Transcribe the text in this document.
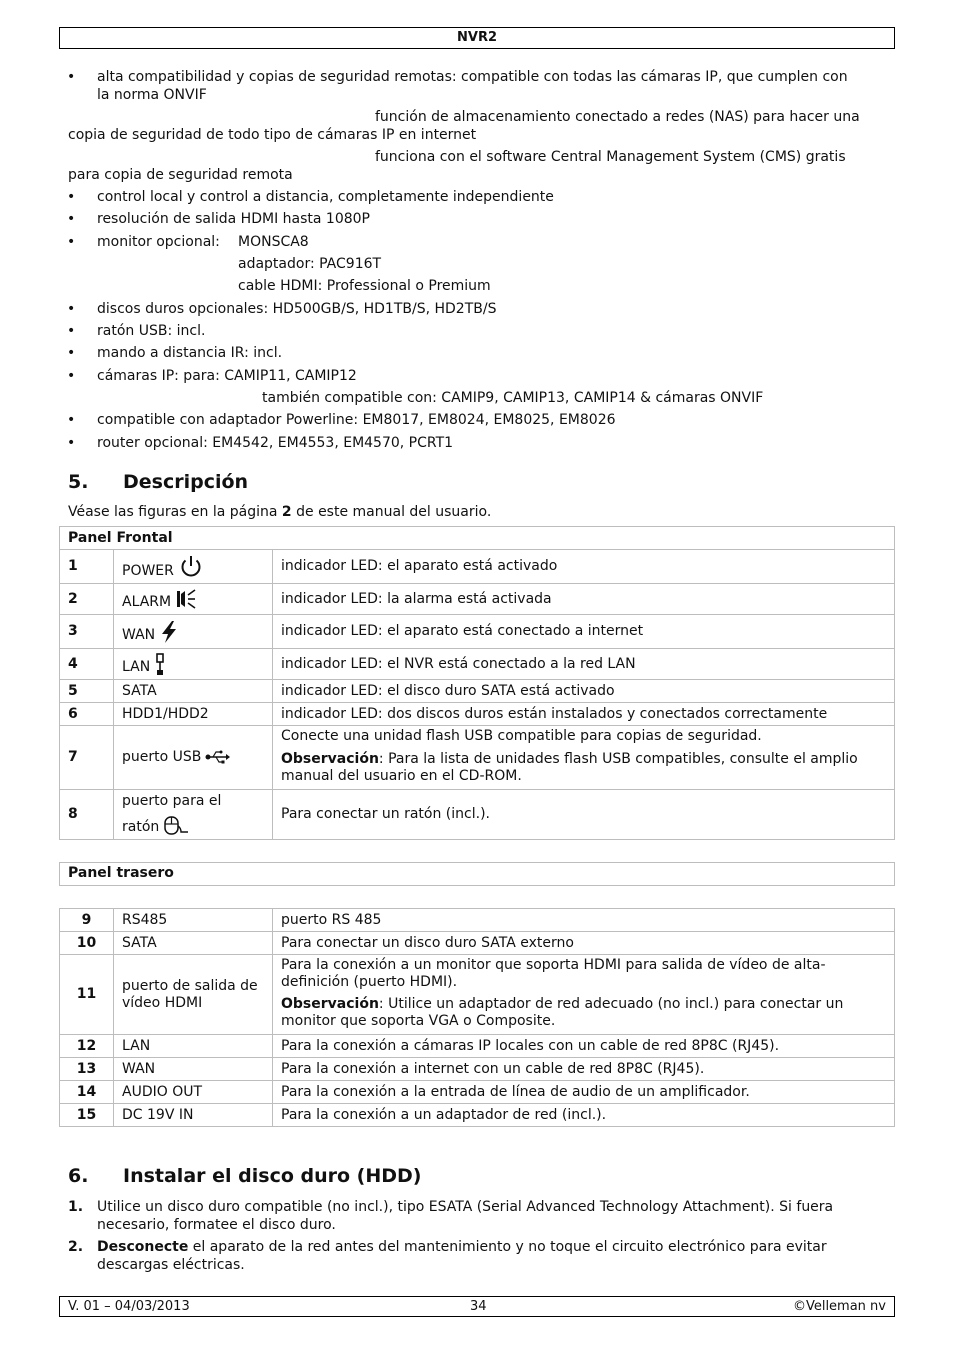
NVR2
• alta compatibilidad y copias de seguridad remotas: compatible con todas las cámaras IP, que cumplen con
la norma ONVIF
función de almacenamiento conectado a redes (NAS) para hacer una
copia de seguridad de todo tipo de cámaras IP en internet
funciona con el software Central Management System (CMS) gratis
para copia de seguridad remota
• control local y control a distancia, completamente independiente
• resolución de salida HDMI hasta 1080P
• monitor opcional: MONSCA8
adaptador: PAC916T
cable HDMI: Professional o Premium
• discos duros opcionales: HD500GB/S, HD1TB/S, HD2TB/S
• ratón USB: incl.
• mando a distancia IR: incl.
• cámaras IP: para: CAMIP11, CAMIP12
también compatible con: CAMIP9, CAMIP13, CAMIP14 & cámaras ONVIF
• compatible con adaptador Powerline: EM8017, EM8024, EM8025, EM8026
• router opcional: EM4542, EM4553, EM4570, PCRT1
5. Descripción
Véase las figuras en la página 2 de este manual del usuario.
Panel Frontal		
1	POWER	indicador LED: el aparato está activado
2	ALARM	indicador LED: la alarma está activada
3	WAN	indicador LED: el aparato está conectado a internet
4	LAN	indicador LED: el NVR está conectado a la red LAN
5	SATA	indicador LED: el disco duro SATA está activado
6	HDD1/HDD2	indicador LED: dos discos duros están instalados y conectados correctamente
7	puerto USB	Conecte una unidad flash USB compatible para copias de seguridad.
Observación: Para la lista de unidades flash USB compatibles, consulte el amplio manual del usuario en el CD-ROM.

8	puerto para el
ratón	Para conectar un ratón (incl.).
Panel trasero
9	RS485	puerto RS 485
10	SATA	Para conectar un disco duro SATA externo
11	puerto de salida de vídeo HDMI	Para la conexión a un monitor que soporta HDMI para salida de vídeo de alta-definición (puerto HDMI).
Observación: Utilice un adaptador de red adecuado (no incl.) para conectar un monitor que soporta VGA o Composite.

12	LAN	Para la conexión a cámaras IP locales con un cable de red 8P8C (RJ45).
13	WAN	Para la conexión a internet con un cable de red 8P8C (RJ45).
14	AUDIO OUT	Para la conexión a la entrada de línea de audio de un amplificador.
15	DC 19V IN	Para la conexión a un adaptador de red (incl.).
6. Instalar el disco duro (HDD)
1. Utilice un disco duro compatible (no incl.), tipo ESATA (Serial Advanced Technology Attachment). Si fuera
necesario, formatee el disco duro.
2. Desconecte el aparato de la red antes del mantenimiento y no toque el circuito electrónico para evitar
descargas eléctricas.
V. 01 – 04/03/2013	34	©Velleman nv
